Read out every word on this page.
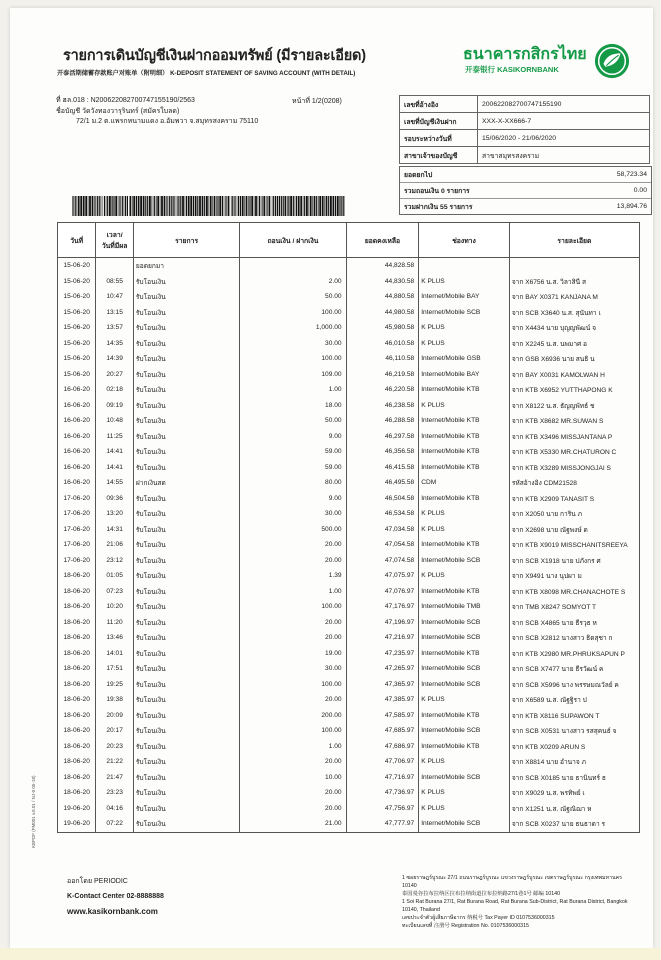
รายการเดินบัญชีเงินฝากออมทรัพย์ (มีรายละเอียด)
开泰活期储蓄存款账户对账单（附明细） K-DEPOSIT STATEMENT OF SAVING ACCOUNT (WITH DETAIL)
ธนาคารกสิกรไทย
开泰银行 KASIKORNBANK
ที่ ฮล.018 : N200622082700747155190/2563
ชื่อบัญชี วัดวังทองวารุรินทร์ (สมัครใบลด)
72/1 ม.2 ต.แพรกหนามแดง อ.อัมพวา จ.สมุทรสงคราม 75110
หน้าที่ 1/2(0208)	เลขที่อ้างอิง	200622082700747155190
เลขที่บัญชีเงินฝาก	XXX-X-XX666-7
รอบระหว่างวันที่	15/06/2020 - 21/06/2020
สาขาเจ้าของบัญชี	สาขาสมุทรสงคราม
ยอดยกไป	58,723.34
รวมถอนเงิน 0 รายการ	0.00
รวมฝากเงิน 55 รายการ	13,894.76
วันที่	เวลา/
วันที่มีผล	รายการ	ถอนเงิน / ฝากเงิน	ยอดคงเหลือ	ช่องทาง	รายละเอียด
15-06-20		ยอดยกมา		44,828.58		
15-06-20	08:55	รับโอนเงิน	2.00	44,830.58	K PLUS	จาก X6756 น.ส. วิลาสินี ส
15-06-20	10:47	รับโอนเงิน	50.00	44,880.58	Internet/Mobile BAY	จาก BAY X0371 KANJANA M
15-06-20	13:15	รับโอนเงิน	100.00	44,980.58	Internet/Mobile SCB	จาก SCB X3640 น.ส. สุนันทา เ
15-06-20	13:57	รับโอนเงิน	1,000.00	45,980.58	K PLUS	จาก X4434 นาย บุญญพัฒน์ จ
15-06-20	14:35	รับโอนเงิน	30.00	46,010.58	K PLUS	จาก X2245 น.ส. นพมาศ อ
15-06-20	14:39	รับโอนเงิน	100.00	46,110.58	Internet/Mobile GSB	จาก GSB X6936 นาย สนธิ น
15-06-20	20:27	รับโอนเงิน	109.00	46,219.58	Internet/Mobile BAY	จาก BAY X0031 KAMOLWAN H
16-06-20	02:18	รับโอนเงิน	1.00	46,220.58	Internet/Mobile KTB	จาก KTB X6952 YUTTHAPONG K
16-06-20	09:19	รับโอนเงิน	18.00	46,238.58	K PLUS	จาก X8122 น.ส. ธัญญพัทธ์ ช
16-06-20	10:48	รับโอนเงิน	50.00	46,288.58	Internet/Mobile KTB	จาก KTB X8682 MR.SUWAN S
16-06-20	11:25	รับโอนเงิน	9.00	46,297.58	Internet/Mobile KTB	จาก KTB X3496 MISSJANTANA P
16-06-20	14:41	รับโอนเงิน	59.00	46,356.58	Internet/Mobile KTB	จาก KTB X5330 MR.CHATURON C
16-06-20	14:41	รับโอนเงิน	59.00	46,415.58	Internet/Mobile KTB	จาก KTB X3289 MISSJONGJAI S
16-06-20	14:55	ฝากเงินสด	80.00	46,495.58	CDM	รหัสอ้างอิง CDM21528
17-06-20	09:36	รับโอนเงิน	9.00	46,504.58	Internet/Mobile KTB	จาก KTB X2909 TANASIT S
17-06-20	13:20	รับโอนเงิน	30.00	46,534.58	K PLUS	จาก X2050 นาย การิน ภ
17-06-20	14:31	รับโอนเงิน	500.00	47,034.58	K PLUS	จาก X2698 นาย ณัฐพงษ์ ด
17-06-20	21:06	รับโอนเงิน	20.00	47,054.58	Internet/Mobile KTB	จาก KTB X9019 MISSCHANITSREEYA
17-06-20	23:12	รับโอนเงิน	20.00	47,074.58	Internet/Mobile SCB	จาก SCB X1918 นาย ปภังกร ศ
18-06-20	01:05	รับโอนเงิน	1.39	47,075.97	K PLUS	จาก X9491 นาง นุปผา ม
18-06-20	07:23	รับโอนเงิน	1.00	47,076.97	Internet/Mobile KTB	จาก KTB X8098 MR.CHANACHOTE S
18-06-20	10:20	รับโอนเงิน	100.00	47,176.97	Internet/Mobile TMB	จาก TMB X8247 SOMYOT T
18-06-20	11:20	รับโอนเงิน	20.00	47,196.97	Internet/Mobile SCB	จาก SCB X4865 นาย ธีรวุธ ห
18-06-20	13:46	รับโอนเงิน	20.00	47,216.97	Internet/Mobile SCB	จาก SCB X2812 นางสาว ธิดสุชา ก
18-06-20	14:01	รับโอนเงิน	19.00	47,235.97	Internet/Mobile KTB	จาก KTB X2980 MR.PHRUKSAPUN P
18-06-20	17:51	รับโอนเงิน	30.00	47,265.97	Internet/Mobile SCB	จาก SCB X7477 นาย ธีรวัฒน์ ค
18-06-20	19:25	รับโอนเงิน	100.00	47,365.97	Internet/Mobile SCB	จาก SCB X5996 นาง พรรษมณวัลย์ ค
18-06-20	19:38	รับโอนเงิน	20.00	47,385.97	K PLUS	จาก X6589 น.ส. ณัฐฐิรา ป
18-06-20	20:09	รับโอนเงิน	200.00	47,585.97	Internet/Mobile KTB	จาก KTB X8116 SUPAWON T
18-06-20	20:17	รับโอนเงิน	100.00	47,685.97	Internet/Mobile SCB	จาก SCB X0531 นางสาว รสสุคนธ์ จ
18-06-20	20:23	รับโอนเงิน	1.00	47,686.97	Internet/Mobile KTB	จาก KTB X0209 ARUN S
18-06-20	21:22	รับโอนเงิน	20.00	47,706.97	K PLUS	จาก X8814 นาย อำนาจ ภ
18-06-20	21:47	รับโอนเงิน	10.00	47,716.97	Internet/Mobile SCB	จาก SCB X0185 นาย ธานินทร์ ธ
18-06-20	23:23	รับโอนเงิน	20.00	47,736.97	K PLUS	จาก X9029 น.ส. พรทิพย์ เ
19-06-20	04:16	รับโอนเงิน	20.00	47,756.97	K PLUS	จาก X1251 น.ส. ณัฐณิฌา ห
19-06-20	07:22	รับโอนเงิน	21.00	47,777.97	Internet/Mobile SCB	จาก SCB X0237 นาย ธนธาดา ร
ออกโดย PERIODIC
K-Contact Center 02-8888888
www.kasikornbank.com
1 ซอยราษฎร์บูรณะ 27/1 ถนนราษฎร์บูรณะ แขวงราษฎร์บูรณะ เขตราษฎร์บูรณะ กรุงเทพมหานคร 10140
泰国曼谷拉布拉纳区拉布拉纳街道拉布拉纳路27/1巷1号 邮编 10140
1 Soi Rat Burana 27/1, Rat Burana Road, Rat Burana Sub-District, Rat Burana District, Bangkok 10140, Thailand
เลขประจำตัวผู้เสียภาษีอากร 纳税号 Tax Payer ID 0107536000315
ทะเบียนเลขที่ 注册号 Registration No. 0107536000315
KBPDF (FM001 v.8.01 / NJ-0 05-18)
